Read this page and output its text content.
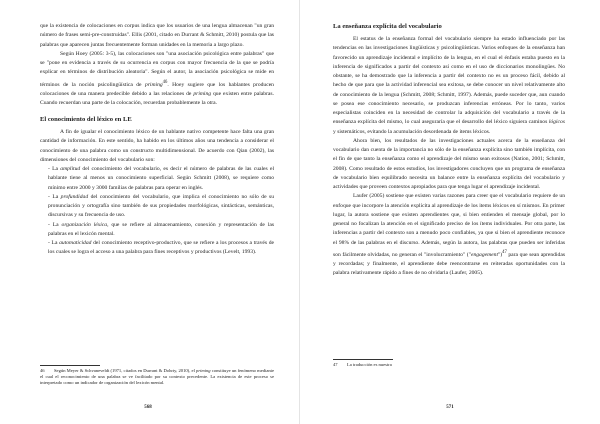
que la existencia de colocaciones en corpus indica que los usuarios de una lengua almacenan "un gran número de frases semi-pre-construidas". Ellis (2001, citado en Durrant & Schmitt, 2010) postula que las palabras que aparecen juntas frecuentemente forman unidades en la memoria a largo plazo.

Según Hoey (2005: 3-5), las colocaciones son "una asociación psicológica entre palabras" que se "pone en evidencia a través de su ocurrencia en corpus con mayor frecuencia de la que se podría explicar en términos de distribución aleatoria". Según el autor, la asociación psicológica se mide en términos de la noción psicolingüística de priming$^{46}$. Hoey sugiere que los hablantes producen colocaciones de una manera predecible debido a las relaciones de priming que existen entre palabras. Cuando recuerdan una parte de la colocación, recuerdan probablemente la otra.

El conocimiento del léxico en LE

A fin de igualar el conocimiento léxico de un hablante nativo competente hace falta una gran cantidad de información. En este sentido, ha habido en los últimos años una tendencia a considerar el conocimiento de una palabra como un constructo multidimensional. De acuerdo con Qian (2002), las dimensiones del conocimiento del vocabulario son:

- La amplitud del conocimiento del vocabulario, es decir el número de palabras de las cuales el hablante tiene al menos un conocimiento superficial. Según Schmitt (2008), se requiere como mínimo entre 2000 y 3000 familias de palabras para operar en inglés.

- La profundidad del conocimiento del vocabulario, que implica el conocimiento no sólo de su pronunciación y ortografía sino también de sus propiedades morfológicas, sintácticas, semánticas, discursivas y su frecuencia de uso.

- La organización léxica, que se refiere al almacenamiento, conexión y representación de las palabras en el lexicón mental.

- La automaticidad del conocimiento receptivo-productivo, que se refiere a los procesos a través de los cuales se logra el acceso a una palabra para fines receptivos y productivos (Levelt, 1993).

46 Según Meyer & Schvaneveldt (1971, citados en Durrant & Dohrty, 2010), el priming constituye un fenómeno mediante el cual el reconocimiento de una palabra se ve facilitado por su contexto precedente. La existencia de este proceso se interpretado como un indicador de organización del lexicón mental.
568
La enseñanza explícita del vocabulario

El estatus de la enseñanza formal del vocabulario siempre ha estado influenciado por las tendencias en las investigaciones lingüísticas y psicolingüísticas. Varios enfoques de la enseñanza han favorecido un aprendizaje incidental e implícito de la lengua, en el cual el énfasis estaba puesto en la inferencia de significados a partir del contexto así como en el uso de diccionarios monolingües. No obstante, se ha demostrado que la inferencia a partir del contexto no es un proceso fácil, debido al hecho de que para que la actividad inferencial sea exitosa, se debe conocer un nivel relativamente alto de conocimiento de la lengua (Schmitt, 2008; Schmitt, 1997). Además, puede suceder que, aun cuando se posea ese conocimiento necesario, se produzcan inferencias erróneas. Por lo tanto, varios especialistas coinciden en la necesidad de controlar la adquisición del vocabulario a través de la enseñanza explícita del mismo, lo cual aseguraría que el desarrollo del léxico siguiera caminos lógicos y sistemáticos, evitando la acumulación desordenada de items léxicos.

Ahora bien, los resultados de las investigaciones actuales acerca de la enseñanza del vocabulario dan cuenta de la importancia no sólo de la enseñanza explícita sino también implícita, con el fin de que tanto la enseñanza como el aprendizaje del mismo sean exitosos (Nation, 2001; Schmitt, 2008). Como resultado de estos estudios, los investigadores concluyen que un programa de enseñanza de vocabulario bien equilibrado necesita un balance entre la enseñanza explícita del vocabulario y actividades que proveen contextos apropiados para que tenga lugar el aprendizaje incidental.

Laufer (2005) sostiene que existen varias razones para creer que el vocabulario requiere de un enfoque que incorpore la atención explícita al aprendizaje de los items léxicos en sí mismos. En primer lugar, la autora sostiene que existen aprendientes que, si bien entienden el mensaje global, por lo general no focalizan la atención en el significado preciso de los ítems individuales. Por otra parte, las inferencias a partir del contexto son a menudo poco confiables, ya que si bien el aprendiente reconoce el 98% de las palabras en el discurso. Además, según la autora, las palabras que pueden ser inferidas son fácilmente olvidadas, no generan el "involucramiento" ("engagement")$^{47}$ para que sean aprendidas y recordadas; y finalmente, el aprendiente debe reencontrarse en reiteradas oportunidades con la palabra relativamente rápido a fines de no olvidarla (Laufer, 2005).

47 La traducción es nuestra
571
